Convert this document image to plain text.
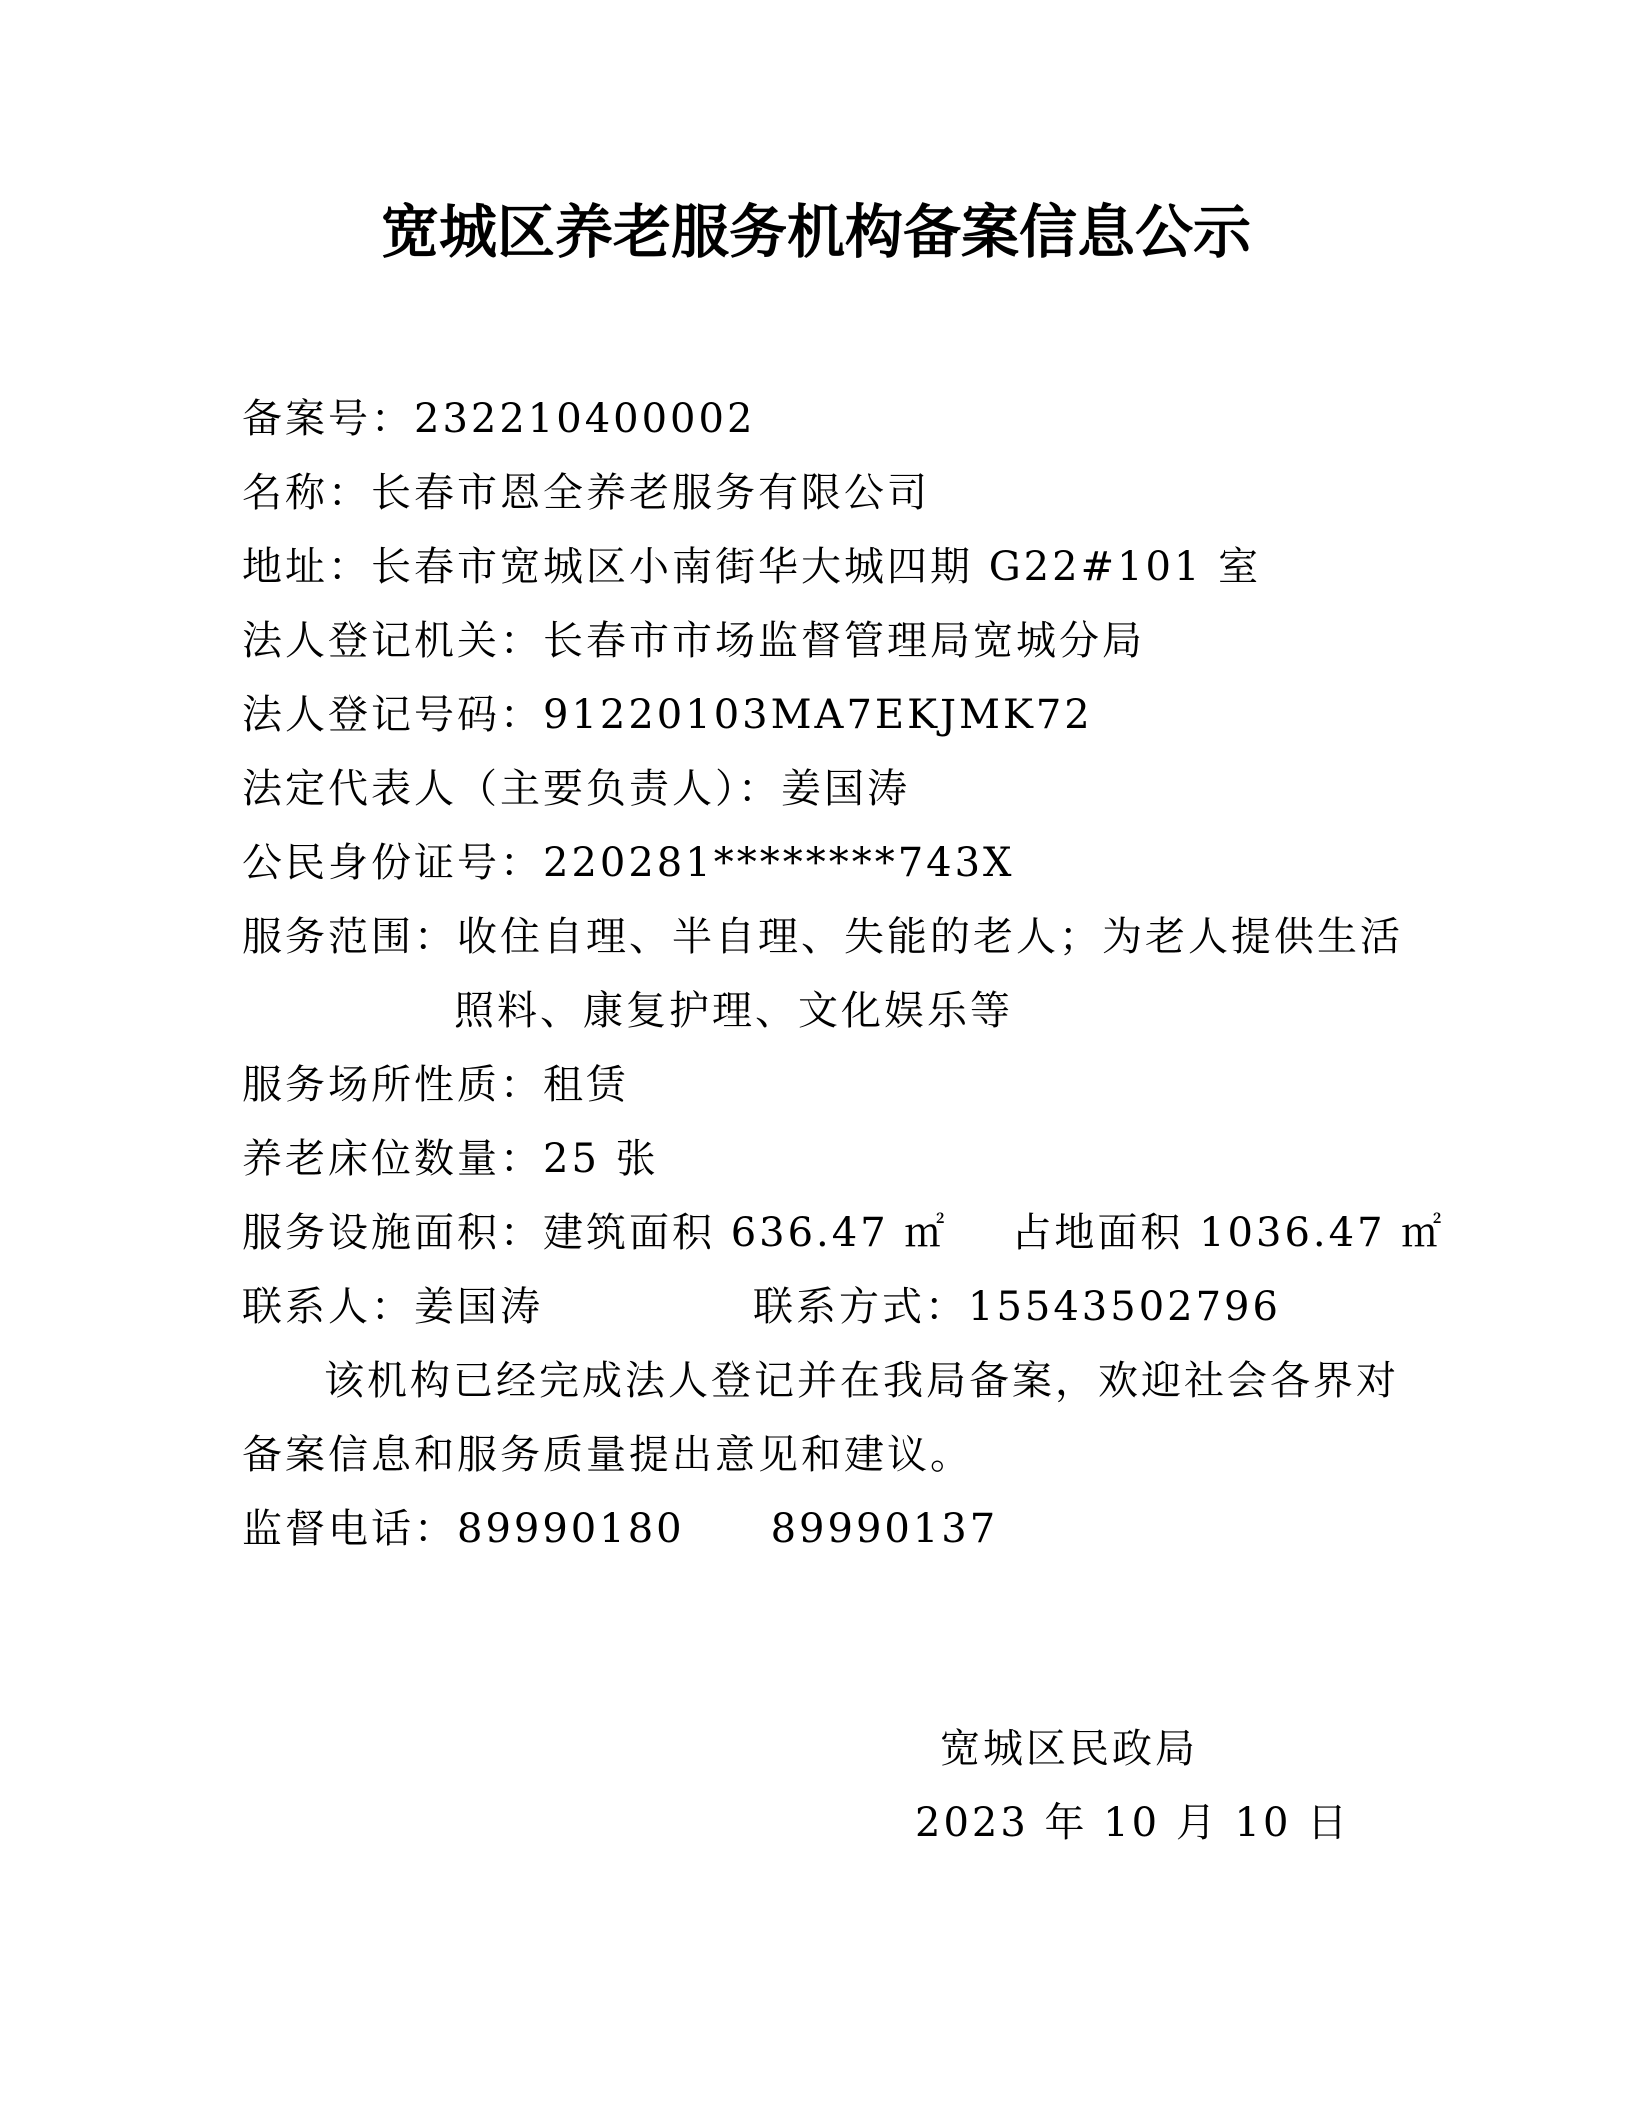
宽城区养老服务机构备案信息公示
备案号：232210400002
名称：长春市恩全养老服务有限公司
地址：长春市宽城区小南街华大城四期 G22#101 室
法人登记机关：长春市市场监督管理局宽城分局
法人登记号码：91220103MA7EKJMK72
法定代表人（主要负责人）：姜国涛
公民身份证号：220281********743X
服务范围：收住自理、半自理、失能的老人；为老人提供生活
照料、康复护理、文化娱乐等
服务场所性质：租赁
养老床位数量：25 张
服务设施面积：建筑面积 636.47 ㎡ 占地面积 1036.47 ㎡
联系人：姜国涛	联系方式：15543502796
该机构已经完成法人登记并在我局备案，欢迎社会各界对
备案信息和服务质量提出意见和建议。
监督电话：89990180 89990137
宽城区民政局
2023 年 10 月 10 日
